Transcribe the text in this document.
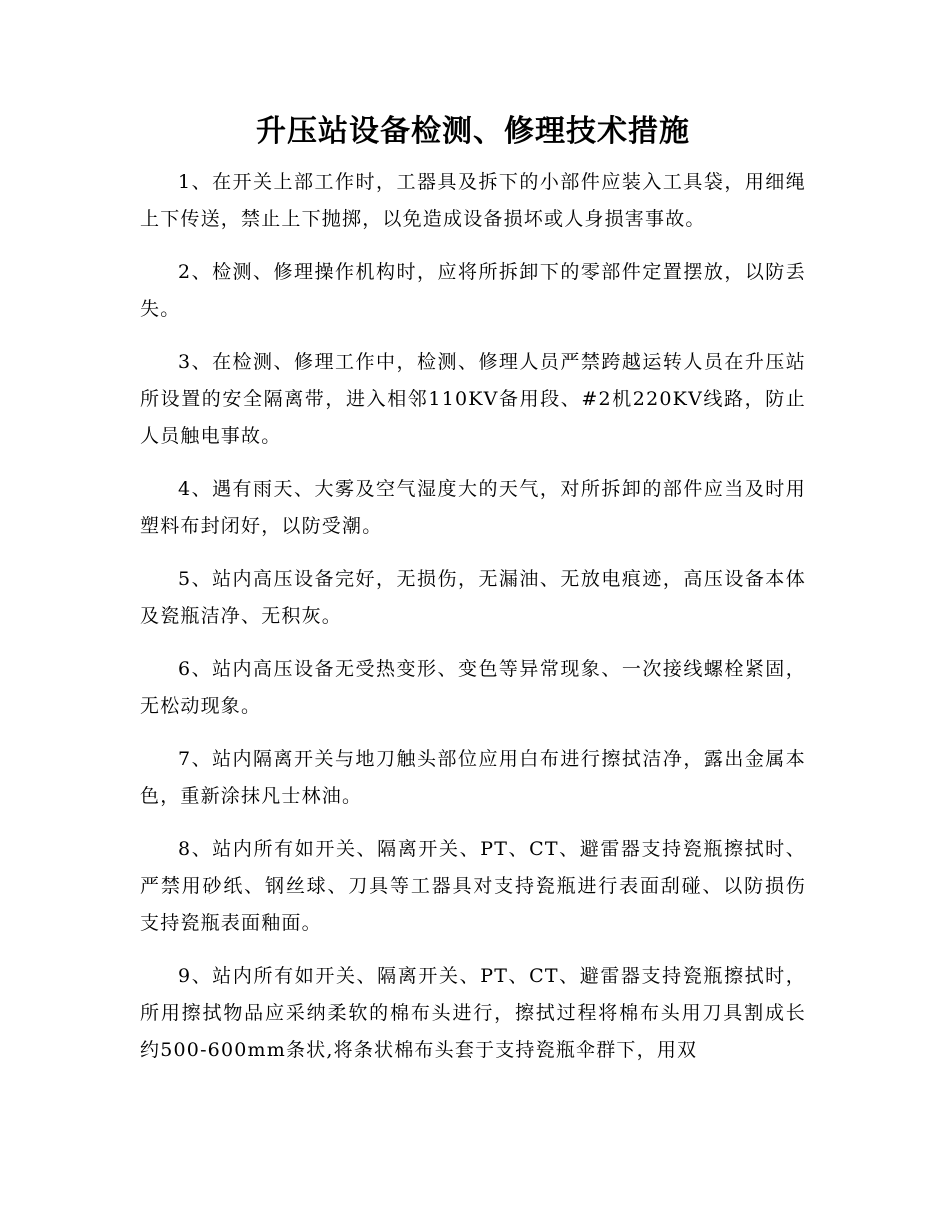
升压站设备检测、修理技术措施

1、在开关上部工作时，工器具及拆下的小部件应装入工具袋，用细绳上下传送，禁止上下抛掷，以免造成设备损坏或人身损害事故。

2、检测、修理操作机构时，应将所拆卸下的零部件定置摆放，以防丢失。

3、在检测、修理工作中，检测、修理人员严禁跨越运转人员在升压站所设置的安全隔离带，进入相邻110KV备用段、#2机220KV线路，防止人员触电事故。

4、遇有雨天、大雾及空气湿度大的天气，对所拆卸的部件应当及时用塑料布封闭好，以防受潮。

5、站内高压设备完好，无损伤，无漏油、无放电痕迹，高压设备本体及瓷瓶洁净、无积灰。

6、站内高压设备无受热变形、变色等异常现象、一次接线螺栓紧固，无松动现象。

7、站内隔离开关与地刀触头部位应用白布进行擦拭洁净，露出金属本色，重新涂抹凡士林油。

8、站内所有如开关、隔离开关、PT、CT、避雷器支持瓷瓶擦拭时、严禁用砂纸、钢丝球、刀具等工器具对支持瓷瓶进行表面刮碰、以防损伤支持瓷瓶表面釉面。

9、站内所有如开关、隔离开关、PT、CT、避雷器支持瓷瓶擦拭时，所用擦拭物品应采纳柔软的棉布头进行，擦拭过程将棉布头用刀具割成长约500-600mm条状,将条状棉布头套于支持瓷瓶伞群下，用双
